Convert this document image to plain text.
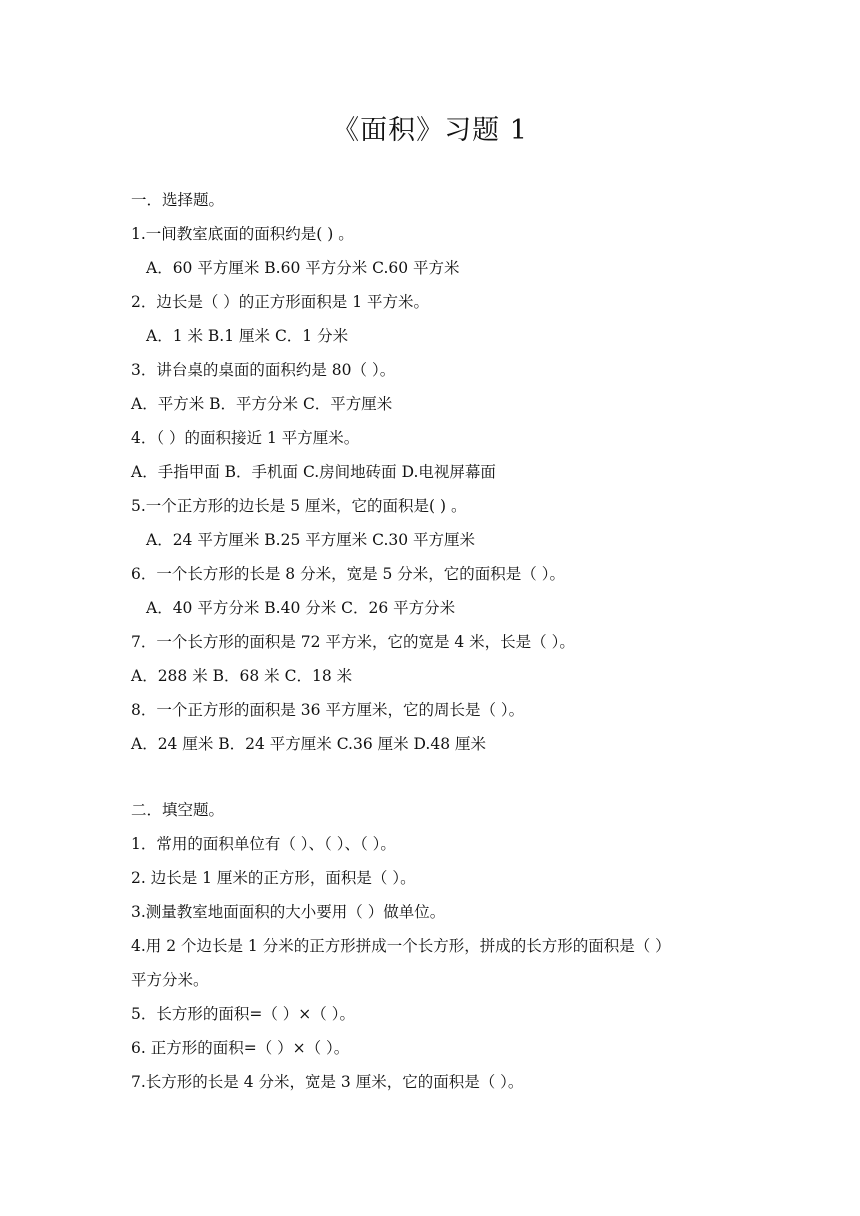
《面积》习题 1
一．选择题。
1.一间教室底面的面积约是( ) 。
A．60 平方厘米 B.60 平方分米 C.60 平方米
2．边长是（ ）的正方形面积是 1 平方米。
A．1 米 B.1 厘米 C．1 分米
3．讲台桌的桌面的面积约是 80（ ）。
A．平方米 B．平方分米 C．平方厘米
4．（ ）的面积接近 1 平方厘米。
A．手指甲面 B．手机面 C.房间地砖面 D.电视屏幕面
5.一个正方形的边长是 5 厘米，它的面积是( ) 。
A．24 平方厘米 B.25 平方厘米 C.30 平方厘米
6．一个长方形的长是 8 分米，宽是 5 分米，它的面积是（ ）。
A．40 平方分米 B.40 分米 C．26 平方分米
7．一个长方形的面积是 72 平方米，它的宽是 4 米，长是（ ）。
A．288 米 B．68 米 C．18 米
8．一个正方形的面积是 36 平方厘米，它的周长是（ ）。
A．24 厘米 B．24 平方厘米 C.36 厘米 D.48 厘米
二．填空题。
1．常用的面积单位有（ ）、（ ）、（ ）。
2. 边长是 1 厘米的正方形，面积是（ ）。
3.测量教室地面面积的大小要用（ ）做单位。
4.用 2 个边长是 1 分米的正方形拼成一个长方形，拼成的长方形的面积是（ ）
平方分米。
5．长方形的面积=（ ）×（ ）。
6. 正方形的面积=（ ）×（ ）。
7.长方形的长是 4 分米，宽是 3 厘米，它的面积是（ ）。
